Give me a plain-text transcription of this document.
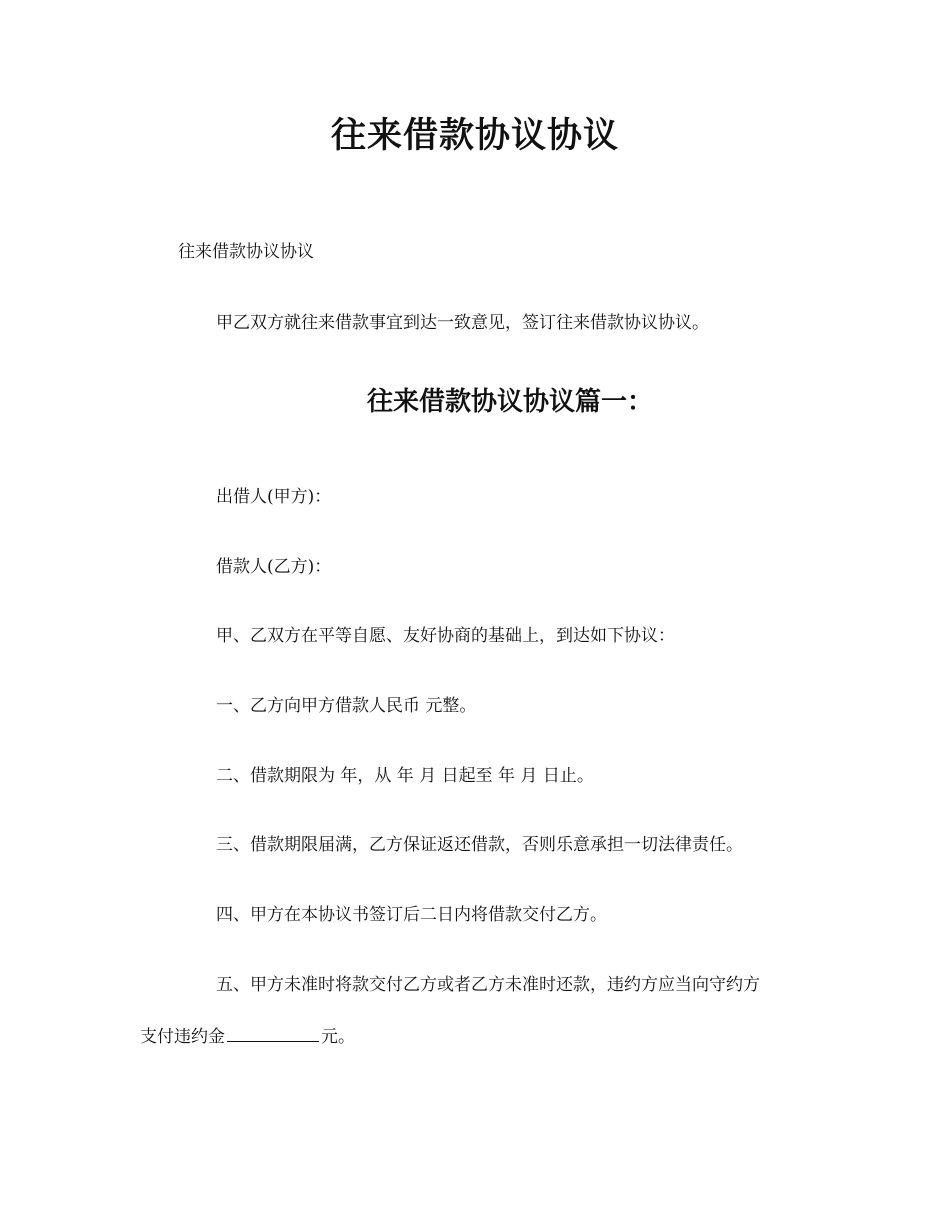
往来借款协议协议

往来借款协议协议

甲乙双方就往来借款事宜到达一致意见，签订往来借款协议协议。

往来借款协议协议篇一：

出借人(甲方)：

借款人(乙方)：

甲、乙双方在平等自愿、友好协商的基础上，到达如下协议：

一、乙方向甲方借款人民币 元整。

二、借款期限为 年，从 年 月 日起至 年 月 日止。

三、借款期限届满，乙方保证返还借款，否则乐意承担一切法律责任。

四、甲方在本协议书签订后二日内将借款交付乙方。

五、甲方未准时将款交付乙方或者乙方未准时还款，违约方应当向守约方

支付违约金	元。
